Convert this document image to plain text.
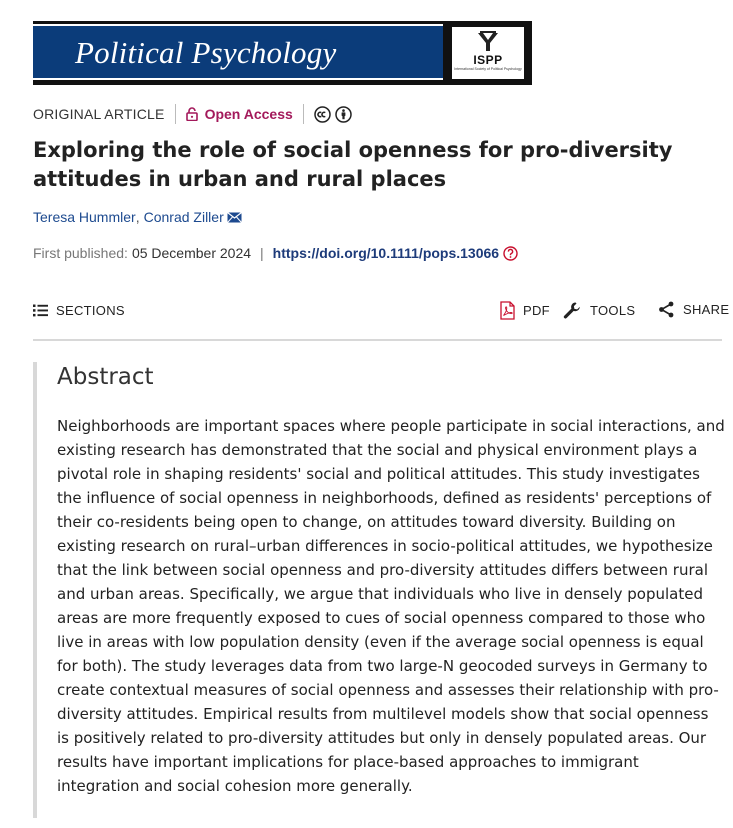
Political Psychology	ISPP
International Society of Political Psychology
ORIGINAL ARTICLE	Open Access
Exploring the role of social openness for pro-diversity attitudes in urban and rural places
Teresa Hummler , Conrad Ziller
First published: 05 December 2024 | https://doi.org/10.1111/pops.13066
SECTIONS	PDF	TOOLS	SHARE
Abstract

Neighborhoods are important spaces where people participate in social interactions, and existing research has demonstrated that the social and physical environment plays a pivotal role in shaping residents' social and political attitudes. This study investigates the influence of social openness in neighborhoods, defined as residents' perceptions of their co-residents being open to change, on attitudes toward diversity. Building on existing research on rural–urban differences in socio-political attitudes, we hypothesize that the link between social openness and pro-diversity attitudes differs between rural and urban areas. Specifically, we argue that individuals who live in densely populated areas are more frequently exposed to cues of social openness compared to those who live in areas with low population density (even if the average social openness is equal for both). The study leverages data from two large-N geocoded surveys in Germany to create contextual measures of social openness and assesses their relationship with pro-diversity attitudes. Empirical results from multilevel models show that social openness is positively related to pro-diversity attitudes but only in densely populated areas. Our results have important implications for place-based approaches to immigrant integration and social cohesion more generally.
